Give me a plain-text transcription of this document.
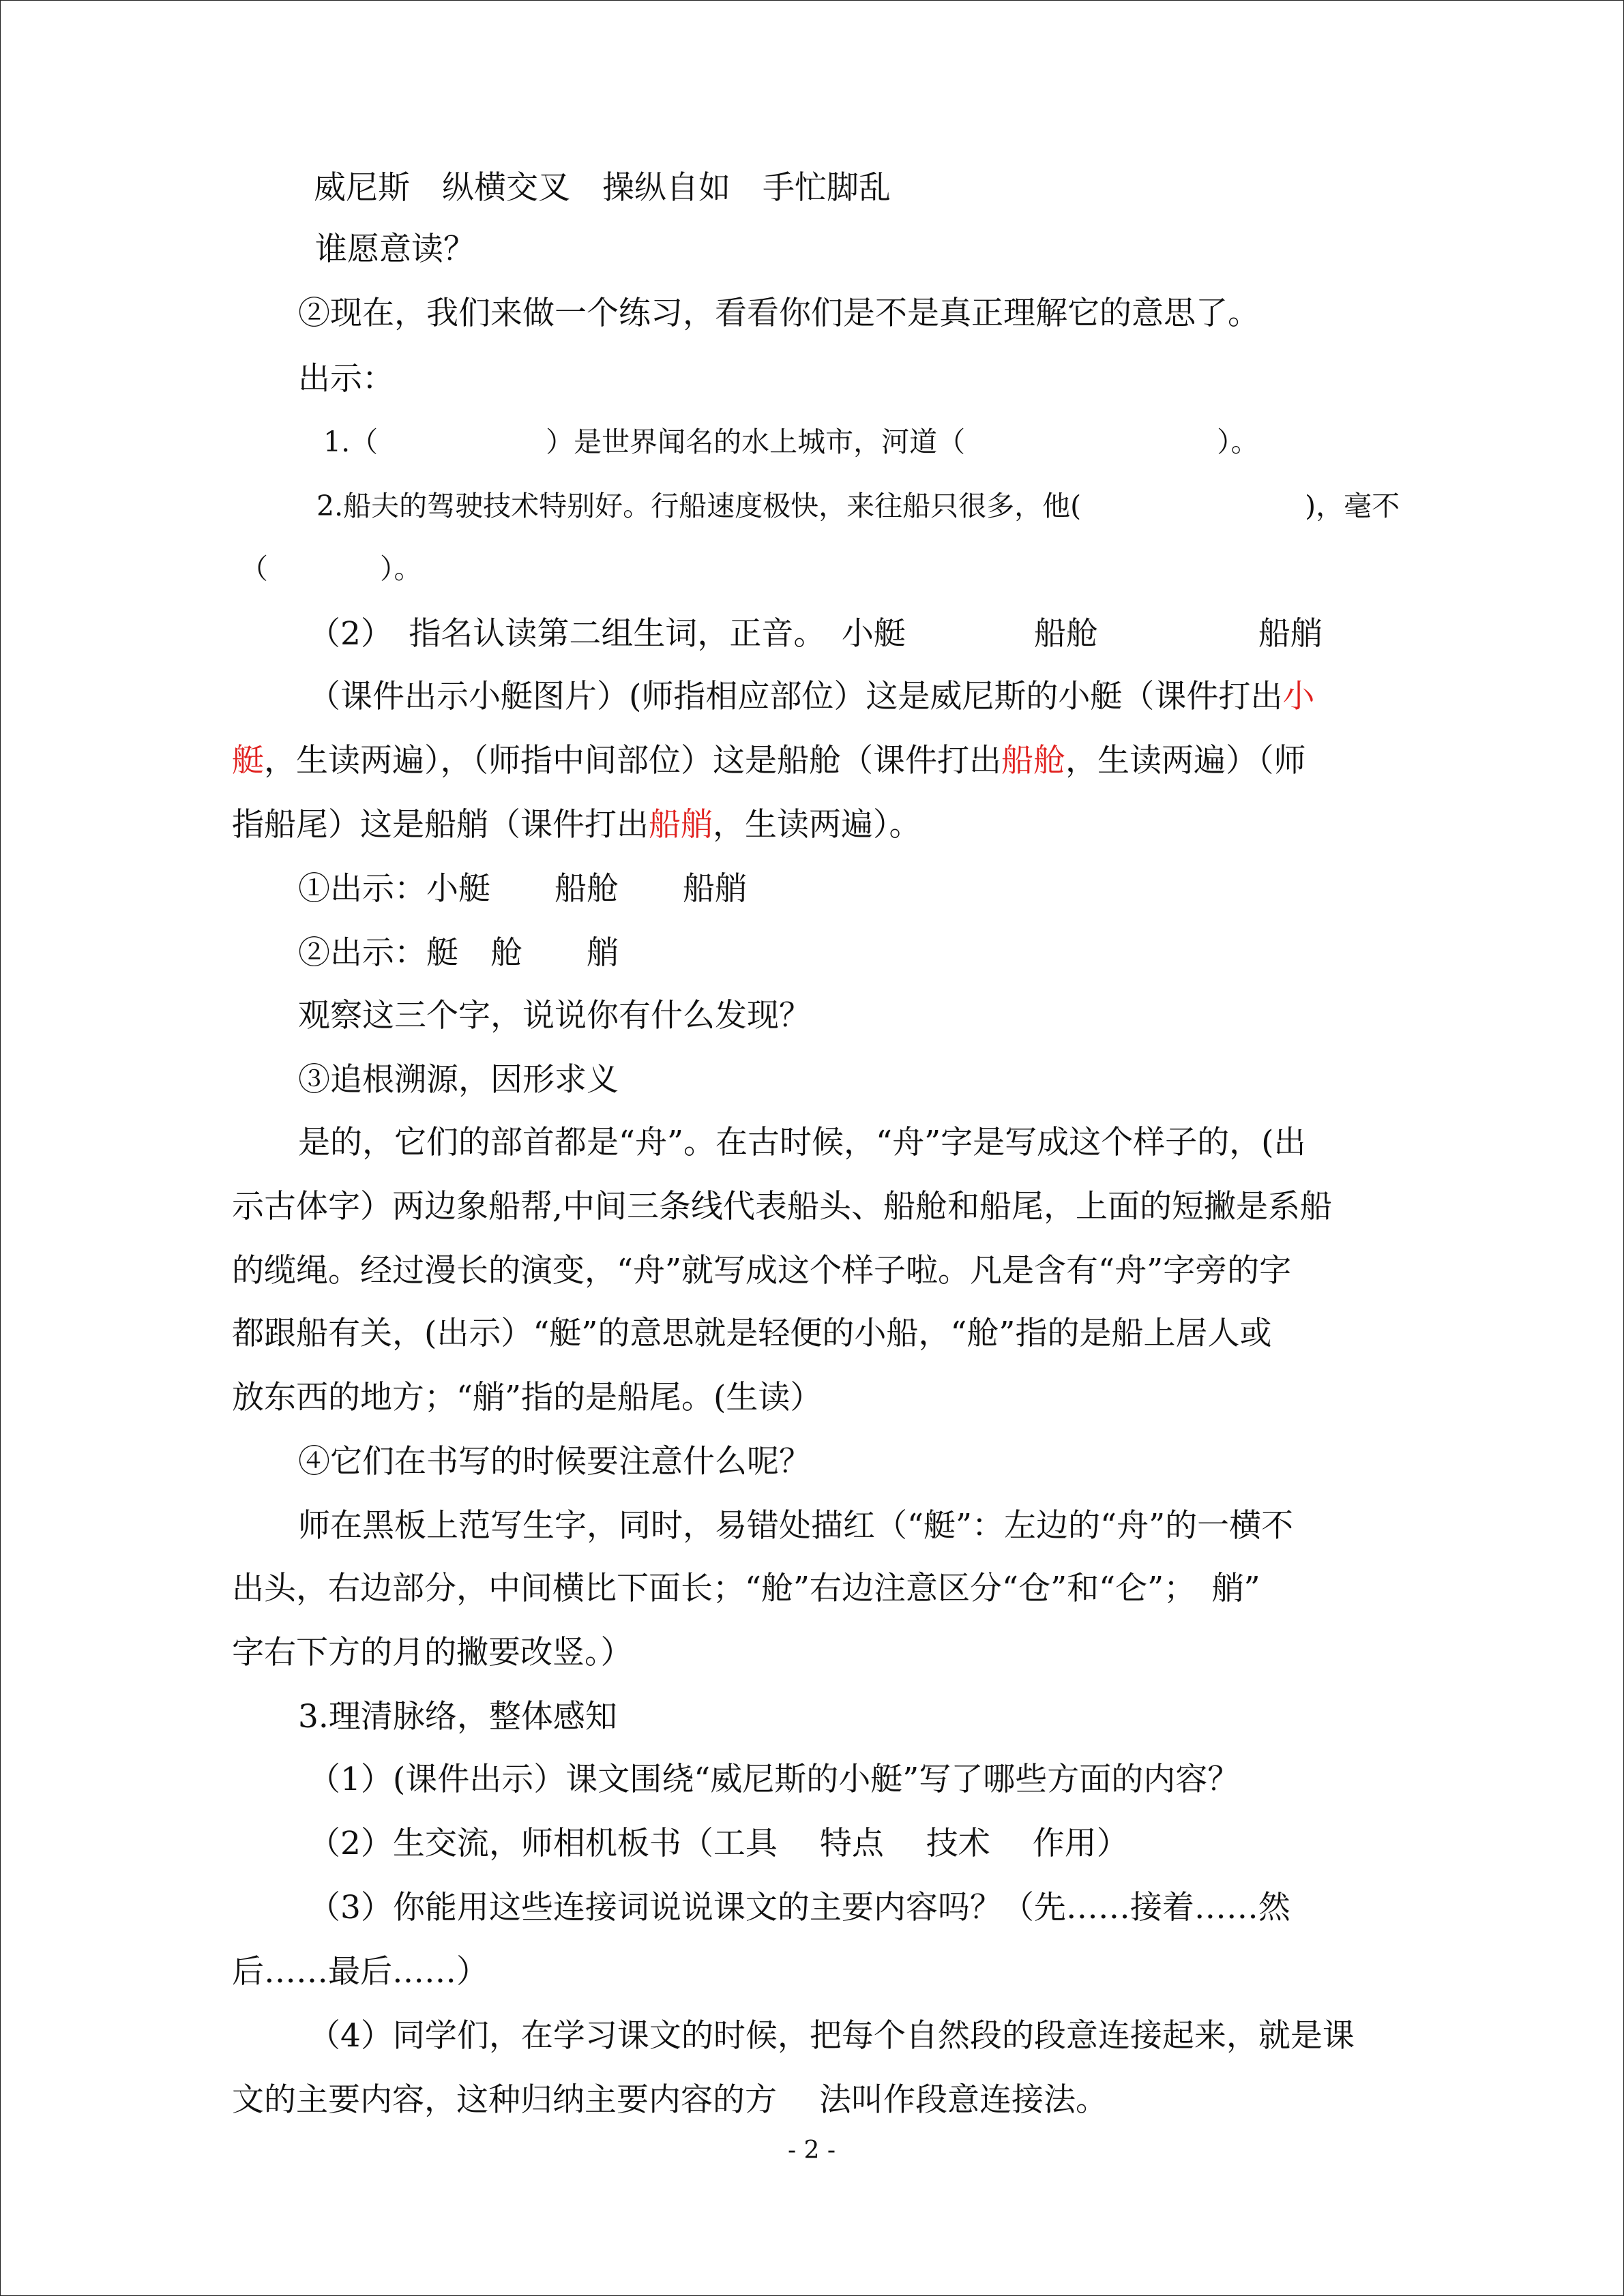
威尼斯　纵横交叉　操纵自如　手忙脚乱
谁愿意读？
②现在，我们来做一个练习，看看你们是不是真正理解它的意思了。
出示：
1.（　　　　　　）是世界闻名的水上城市，河道（　　　　　　　　　）。
2.船夫的驾驶技术特别好。行船速度极快，来往船只很多，他(　　　　　　　　)，毫不
（　　　　）。
（2）　指名认读第二组生词，正音。　小艇　　　　船舱　　　　　船艄
（课件出示小艇图片）(师指相应部位）这是威尼斯的小艇（课件打出小
艇，生读两遍），（师指中间部位）这是船舱（课件打出船舱，生读两遍）（师
指船尾）这是船艄（课件打出船艄，生读两遍）。
①出示：小艇　　船舱　　船艄
②出示：艇　舱　　艄
观察这三个字，说说你有什么发现？
③追根溯源，因形求义
是的，它们的部首都是“舟”。在古时候，“舟”字是写成这个样子的，(出
示古体字）两边象船帮,中间三条线代表船头、船舱和船尾，上面的短撇是系船
的缆绳。经过漫长的演变，“舟”就写成这个样子啦。凡是含有“舟”字旁的字
都跟船有关，(出示）“艇”的意思就是轻便的小船，“舱”指的是船上居人或
放东西的地方；“艄”指的是船尾。(生读）
④它们在书写的时候要注意什么呢？
师在黑板上范写生字，同时，易错处描红（“艇”：左边的“舟”的一横不
出头，右边部分，中间横比下面长；“舱”右边注意区分“仓”和“仑”；　艄”
字右下方的月的撇要改竖。）
3.理清脉络，整体感知
（1）(课件出示）课文围绕“威尼斯的小艇”写了哪些方面的内容？
（2）生交流，师相机板书（工具　 特点　 技术　 作用）
（3）你能用这些连接词说说课文的主要内容吗？（先……接着……然
后……最后……）
（4）同学们，在学习课文的时候，把每个自然段的段意连接起来，就是课
文的主要内容，这种归纳主要内容的方　 法叫作段意连接法。
- 2 -
